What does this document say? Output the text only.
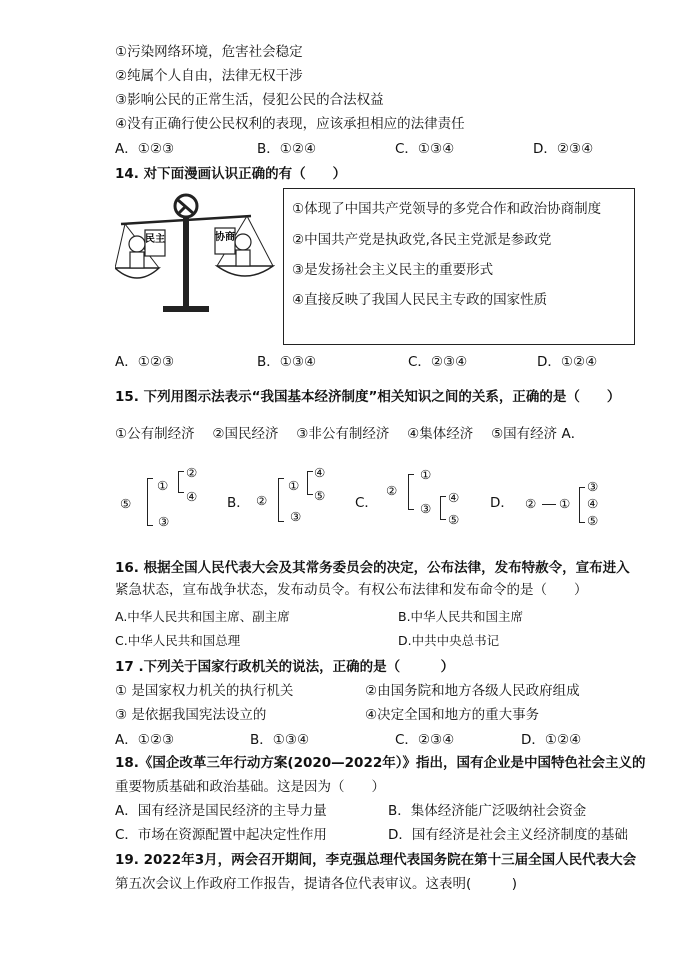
①污染网络环境，危害社会稳定
②纯属个人自由，法律无权干涉
③影响公民的正常生活，侵犯公民的合法权益
④没有正确行使公民权利的表现，应该承担相应的法律责任
A．①②③	B．①②④	C．①③④	D．②③④
14. 对下面漫画认识正确的有（　　）
民主	协商
①体现了中国共产党领导的多党合作和政治协商制度
②中国共产党是执政党,各民主党派是参政党
③是发扬社会主义民主的重要形式
④直接反映了我国人民民主专政的国家性质
A．①②③	B．①③④	C．②③④	D．①②④
15. 下列用图示法表示“我国基本经济制度”相关知识之间的关系，正确的是（　　）
①公有制经济　 ②国民经济　 ③非公有制经济　 ④集体经济　 ⑤国有经济 A．
⑤
①
②
④
③
B． ②
①
④
⑤
③
C．
②
①
③
④
⑤
D． ② ①
③
④
⑤
16. 根据全国人民代表大会及其常务委员会的决定，公布法律，发布特赦令，宣布进入
紧急状态，宣布战争状态，发布动员令。有权公布法律和发布命令的是（　　）
A.中华人民共和国主席、副主席	B.中华人民共和国主席
C.中华人民共和国总理	D.中共中央总书记
17 .下列关于国家行政机关的说法，正确的是（　　　）
① 是国家权力机关的执行机关	②由国务院和地方各级人民政府组成
③ 是依据我国宪法设立的	④决定全国和地方的重大事务
A．①②③	B．①③④	C．②③④	D．①②④
18.《国企改革三年行动方案(2020—2022年）》指出，国有企业是中国特色社会主义的
重要物质基础和政治基础。这是因为（　　）
A．国有经济是国民经济的主导力量	B．集体经济能广泛吸纳社会资金
C．市场在资源配置中起决定性作用	D．国有经济是社会主义经济制度的基础
19. 2022年3月，两会召开期间，李克强总理代表国务院在第十三届全国人民代表大会
第五次会议上作政府工作报告，提请各位代表审议。这表明(　　　)
